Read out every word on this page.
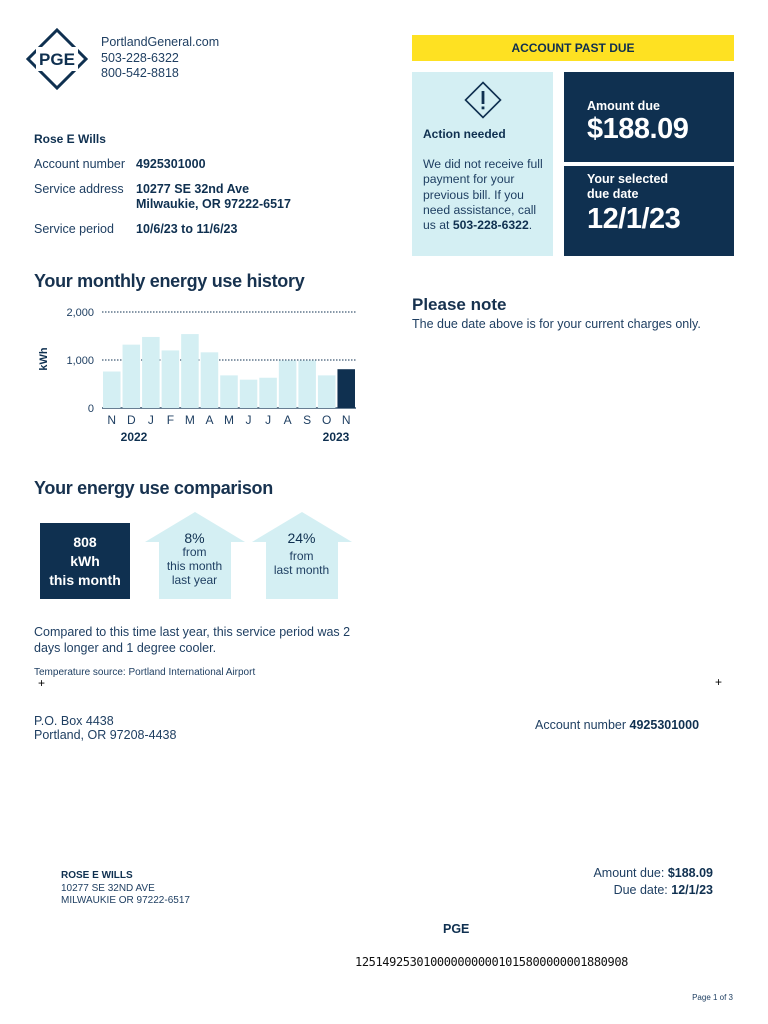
PGE
PortlandGeneral.com
503-228-6322
800-542-8818
Rose E Wills
Account number 4925301000
Service address 10277 SE 32nd Ave
Milwaukie, OR 97222-6517
Service period 10/6/23 to 11/6/23
ACCOUNT PAST DUE
Action needed
We did not receive full payment for your previous bill. If you need assistance, call us at 503-228-6322.
Amount due
$188.09
Your selected
due date
12/1/23
Please note
The due date above is for your current charges only.
Your monthly energy use history
2,000
1,000
0
N D J F M A M J J A S O N
kWh
2022	2023
Your energy use comparison
808
kWh
this month
8%
from
this month
last year
24%
from
last month
Compared to this time last year, this service period was 2 days longer and 1 degree cooler.
Temperature source: Portland International Airport
+	+
P.O. Box 4438
Portland, OR 97208-4438
Account number 4925301000
ROSE E WILLS
10277 SE 32ND AVE
MILWAUKIE OR 97222-6517
Amount due: $188.09
Due date: 12/1/23
PGE
125149253010000000000101580000000188090​8
Page 1 of 3
